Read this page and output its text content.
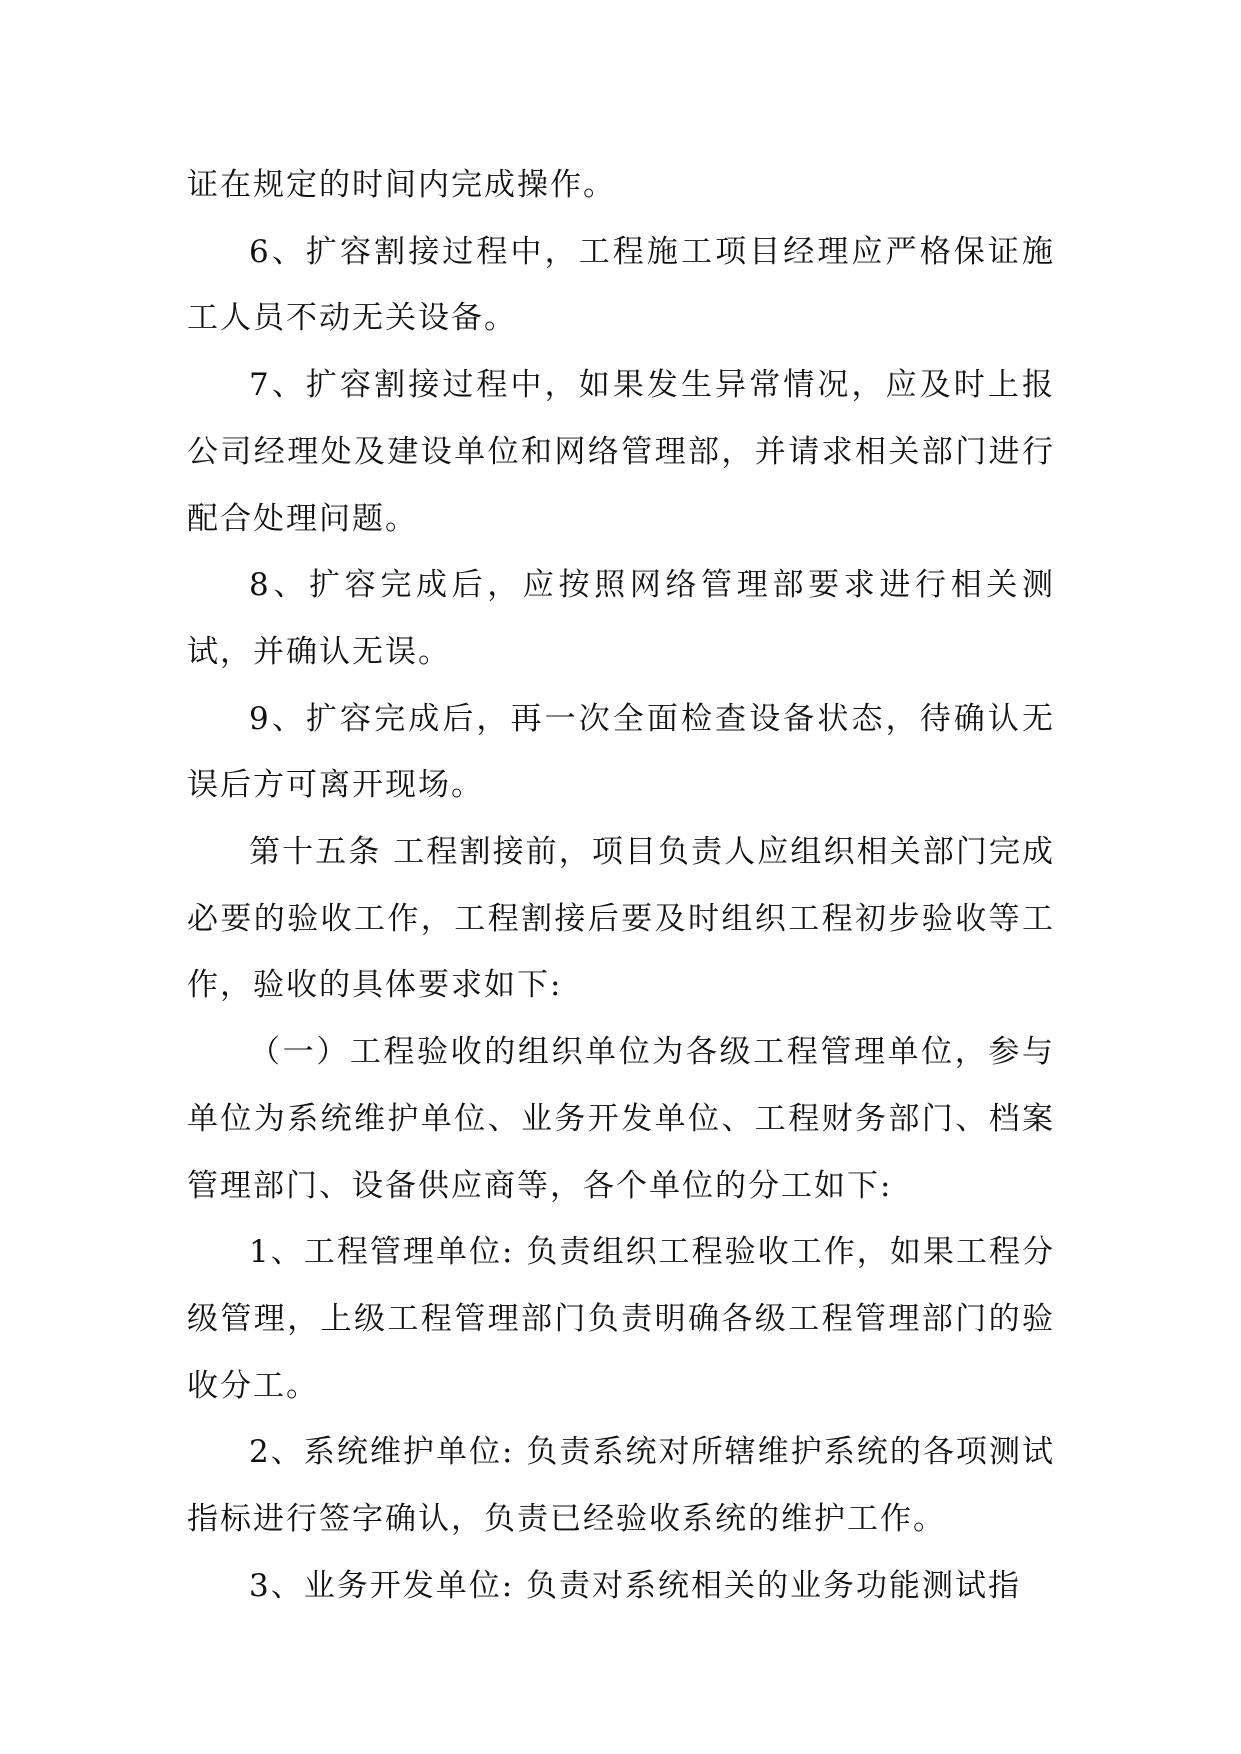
证在规定的时间内完成操作。

6、扩容割接过程中，工程施工项目经理应严格保证施工人员不动无关设备。

7、扩容割接过程中，如果发生异常情况，应及时上报公司经理处及建设单位和网络管理部，并请求相关部门进行配合处理问题。

8、扩容完成后，应按照网络管理部要求进行相关测试，并确认无误。

9、扩容完成后，再一次全面检查设备状态，待确认无误后方可离开现场。

第十五条 工程割接前，项目负责人应组织相关部门完成必要的验收工作，工程割接后要及时组织工程初步验收等工作，验收的具体要求如下:

（一）工程验收的组织单位为各级工程管理单位，参与单位为系统维护单位、业务开发单位、工程财务部门、档案管理部门、设备供应商等，各个单位的分工如下:

1、工程管理单位: 负责组织工程验收工作，如果工程分级管理，上级工程管理部门负责明确各级工程管理部门的验收分工。

2、系统维护单位: 负责系统对所辖维护系统的各项测试指标进行签字确认，负责已经验收系统的维护工作。

3、业务开发单位: 负责对系统相关的业务功能测试指
